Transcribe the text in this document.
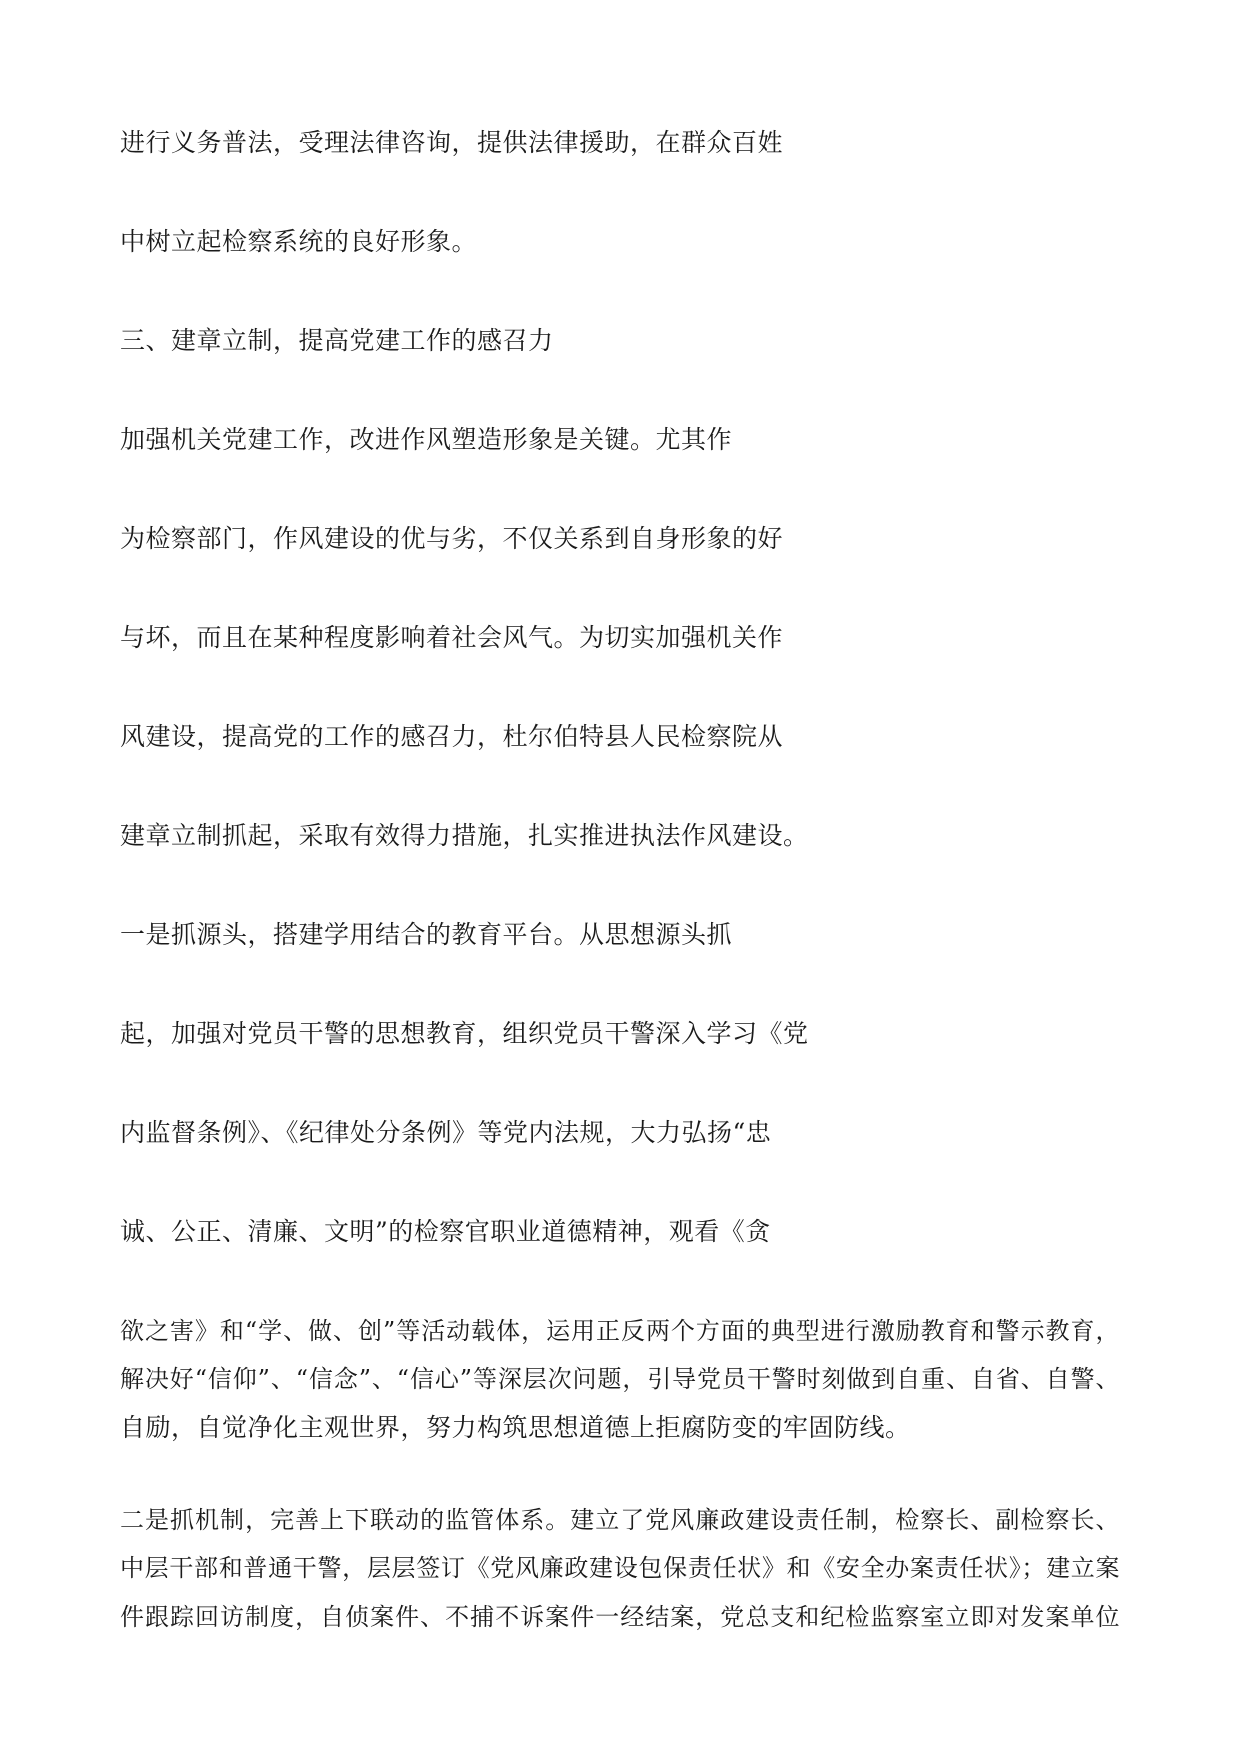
进行义务普法，受理法律咨询，提供法律援助，在群众百姓
中树立起检察系统的良好形象。
三、建章立制，提高党建工作的感召力
加强机关党建工作，改进作风塑造形象是关键。尤其作
为检察部门，作风建设的优与劣，不仅关系到自身形象的好
与坏，而且在某种程度影响着社会风气。为切实加强机关作
风建设，提高党的工作的感召力，杜尔伯特县人民检察院从
建章立制抓起，采取有效得力措施，扎实推进执法作风建设。
一是抓源头，搭建学用结合的教育平台。从思想源头抓
起，加强对党员干警的思想教育，组织党员干警深入学习《党
内监督条例》、《纪律处分条例》等党内法规，大力弘扬“忠
诚、公正、清廉、文明”的检察官职业道德精神，观看《贪
欲之害》和“学、做、创”等活动载体，运用正反两个方面的典型进行激励教育和警示教育，
解决好“信仰”、“信念”、“信心”等深层次问题，引导党员干警时刻做到自重、自省、自警、
自励，自觉净化主观世界，努力构筑思想道德上拒腐防变的牢固防线。
二是抓机制，完善上下联动的监管体系。建立了党风廉政建设责任制，检察长、副检察长、
中层干部和普通干警，层层签订《党风廉政建设包保责任状》和《安全办案责任状》；建立案
件跟踪回访制度，自侦案件、不捕不诉案件一经结案，党总支和纪检监察室立即对发案单位
